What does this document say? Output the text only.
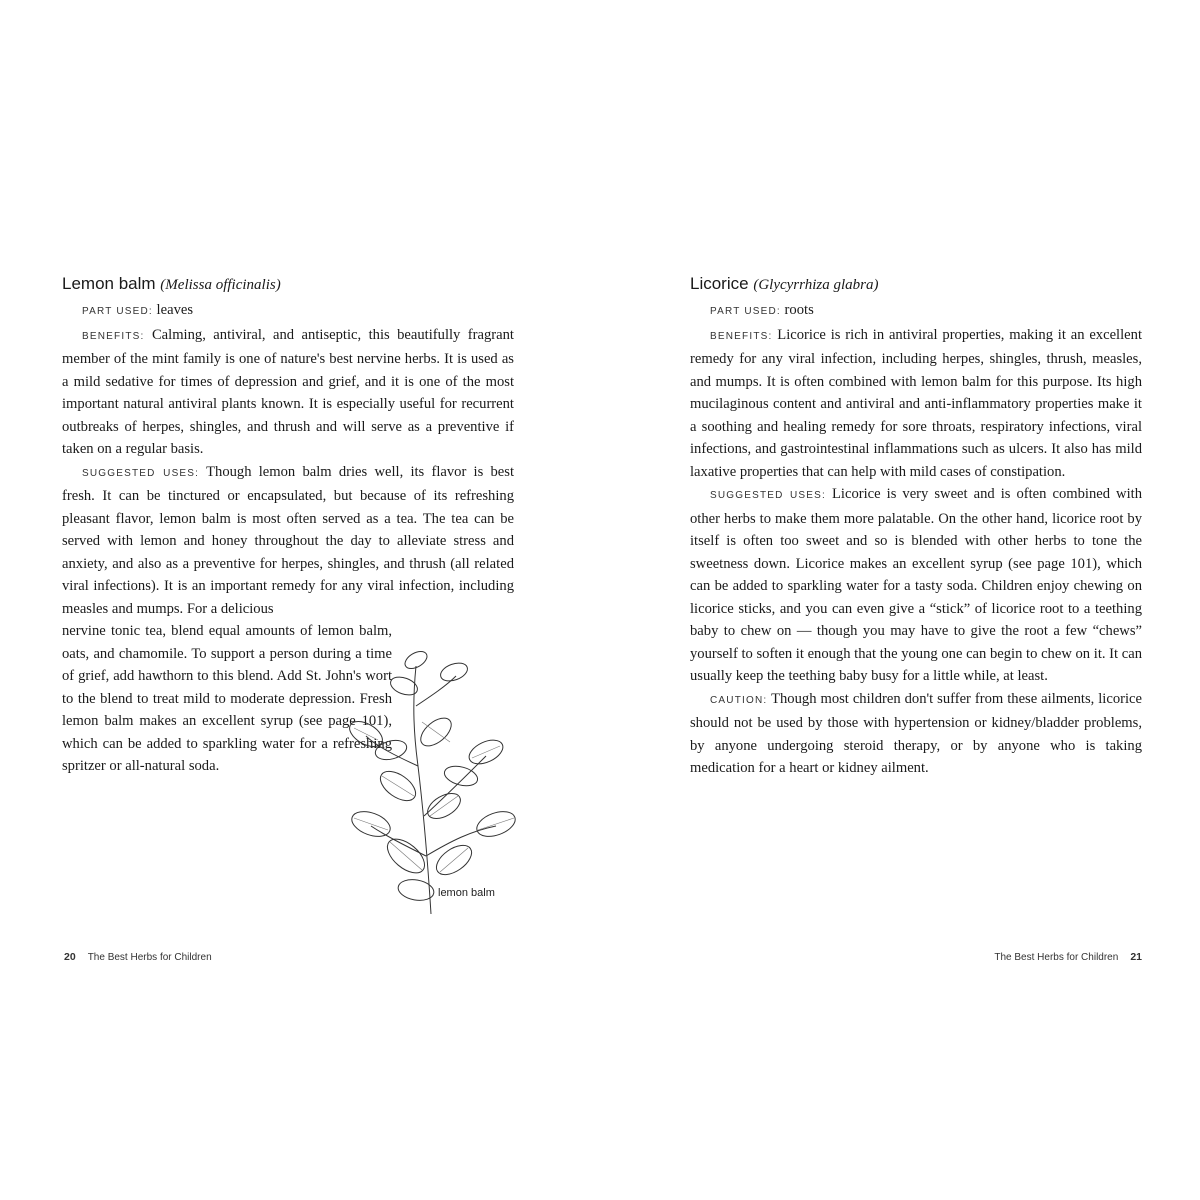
Lemon balm (Melissa officinalis)

PART USED: leaves

BENEFITS: Calming, antiviral, and antiseptic, this beautifully fragrant member of the mint family is one of nature's best nervine herbs. It is used as a mild sedative for times of depression and grief, and it is one of the most important natural antiviral plants known. It is especially useful for recurrent outbreaks of herpes, shingles, and thrush and will serve as a preventive if taken on a regular basis.

SUGGESTED USES: Though lemon balm dries well, its flavor is best fresh. It can be tinctured or encapsulated, but because of its refreshing pleasant flavor, lemon balm is most often served as a tea. The tea can be served with lemon and honey throughout the day to alleviate stress and anxiety, and also as a preventive for herpes, shingles, and thrush (all related viral infections). It is an important remedy for any viral infection, including measles and mumps. For a delicious

nervine tonic tea, blend equal amounts of lemon balm, oats, and chamomile. To support a person during a time of grief, add hawthorn to this blend. Add St. John's wort to the blend to treat mild to moderate depression. Fresh lemon balm makes an excellent syrup (see page 101), which can be added to sparkling water for a refreshing spritzer or all-natural soda.

lemon balm
20 The Best Herbs for Children
Licorice (Glycyrrhiza glabra)

PART USED: roots

BENEFITS: Licorice is rich in antiviral properties, making it an excellent remedy for any viral infection, including herpes, shingles, thrush, measles, and mumps. It is often combined with lemon balm for this purpose. Its high mucilaginous content and antiviral and anti-inflammatory properties make it a soothing and healing remedy for sore throats, respiratory infections, viral infections, and gastrointestinal inflammations such as ulcers. It also has mild laxative properties that can help with mild cases of constipation.

SUGGESTED USES: Licorice is very sweet and is often combined with other herbs to make them more palatable. On the other hand, licorice root by itself is often too sweet and so is blended with other herbs to tone the sweetness down. Licorice makes an excellent syrup (see page 101), which can be added to sparkling water for a tasty soda. Children enjoy chewing on licorice sticks, and you can even give a “stick” of licorice root to a teething baby to chew on — though you may have to give the root a few “chews” yourself to soften it enough that the young one can begin to chew on it. It can usually keep the teething baby busy for a little while, at least.

CAUTION: Though most children don't suffer from these ailments, licorice should not be used by those with hypertension or kidney/bladder problems, by anyone undergoing steroid therapy, or by anyone who is taking medication for a heart or kidney ailment.

The Best Herbs for Children 21
